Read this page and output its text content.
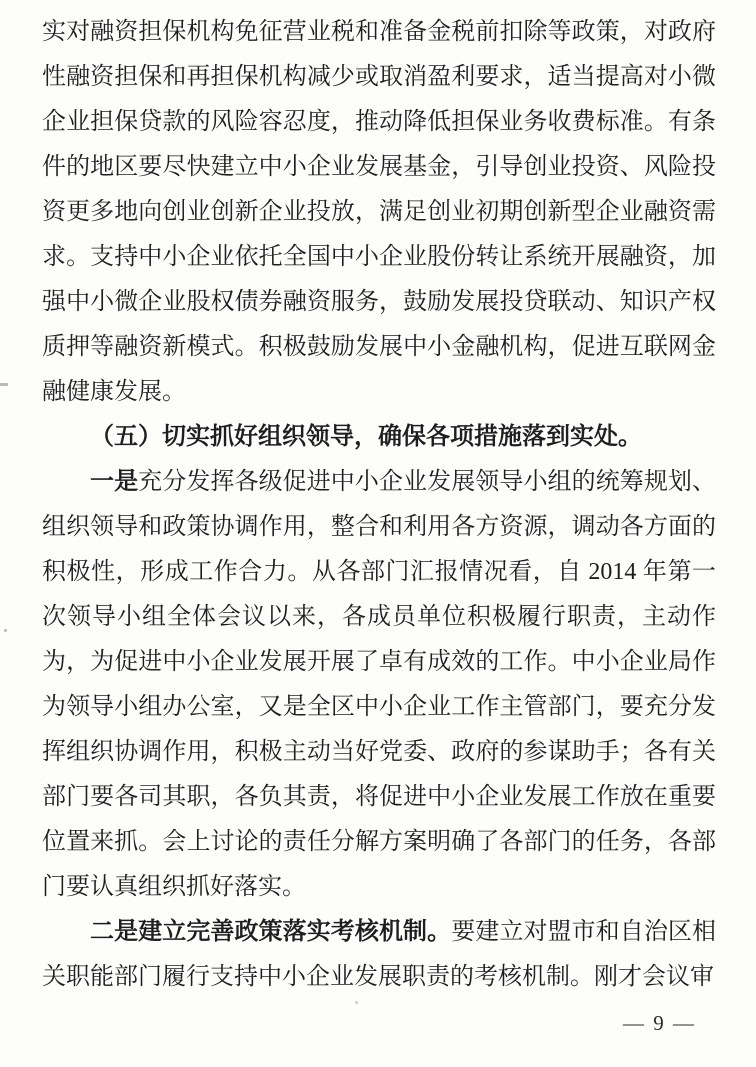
实对融资担保机构免征营业税和准备金税前扣除等政策，对政府性融资担保和再担保机构减少或取消盈利要求，适当提高对小微企业担保贷款的风险容忍度，推动降低担保业务收费标准。有条件的地区要尽快建立中小企业发展基金，引导创业投资、风险投资更多地向创业创新企业投放，满足创业初期创新型企业融资需求。支持中小企业依托全国中小企业股份转让系统开展融资，加强中小微企业股权债券融资服务，鼓励发展投贷联动、知识产权质押等融资新模式。积极鼓励发展中小金融机构，促进互联网金融健康发展。

（五）切实抓好组织领导，确保各项措施落到实处。

一是充分发挥各级促进中小企业发展领导小组的统筹规划、组织领导和政策协调作用，整合和利用各方资源，调动各方面的积极性，形成工作合力。从各部门汇报情况看，自 2014 年第一次领导小组全体会议以来，各成员单位积极履行职责，主动作为，为促进中小企业发展开展了卓有成效的工作。中小企业局作为领导小组办公室，又是全区中小企业工作主管部门，要充分发挥组织协调作用，积极主动当好党委、政府的参谋助手；各有关部门要各司其职，各负其责，将促进中小企业发展工作放在重要位置来抓。会上讨论的责任分解方案明确了各部门的任务，各部门要认真组织抓好落实。

二是建立完善政策落实考核机制。要建立对盟市和自治区相关职能部门履行支持中小企业发展职责的考核机制。刚才会议审

— 9 —
